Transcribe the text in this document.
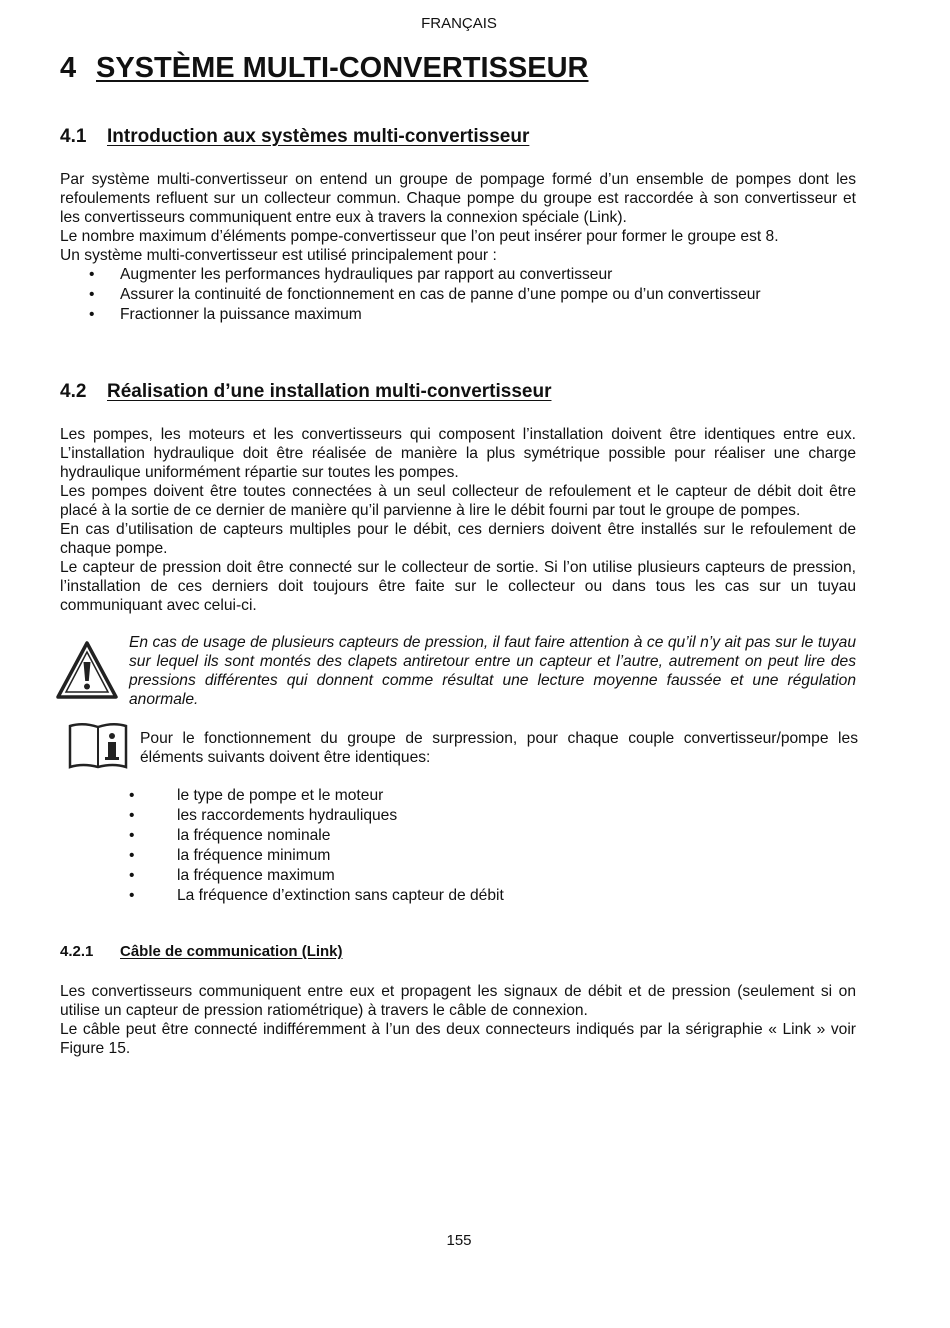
FRANÇAIS
4 SYSTÈME MULTI-CONVERTISSEUR
4.1 Introduction aux systèmes multi-convertisseur

Par système multi-convertisseur on entend un groupe de pompage formé d’un ensemble de pompes dont les refoulements refluent sur un collecteur commun. Chaque pompe du groupe est raccordée à son convertisseur et les convertisseurs communiquent entre eux à travers la connexion spéciale (Link).

Le nombre maximum d’éléments pompe-convertisseur que l’on peut insérer pour former le groupe est 8.

Un système multi-convertisseur est utilisé principalement pour :

• Augmenter les performances hydrauliques par rapport au convertisseur
• Assurer la continuité de fonctionnement en cas de panne d’une pompe ou d’un convertisseur
• Fractionner la puissance maximum
4.2 Réalisation d’une installation multi-convertisseur

Les pompes, les moteurs et les convertisseurs qui composent l’installation doivent être identiques entre eux. L’installation hydraulique doit être réalisée de manière la plus symétrique possible pour réaliser une charge hydraulique uniformément répartie sur toutes les pompes.

Les pompes doivent être toutes connectées à un seul collecteur de refoulement et le capteur de débit doit être placé à la sortie de ce dernier de manière qu’il parvienne à lire le débit fourni par tout le groupe de pompes.

En cas d’utilisation de capteurs multiples pour le débit, ces derniers doivent être installés sur le refoulement de chaque pompe.

Le capteur de pression doit être connecté sur le collecteur de sortie. Si l’on utilise plusieurs capteurs de pression, l’installation de ces derniers doit toujours être faite sur le collecteur ou dans tous les cas sur un tuyau communiquant avec celui-ci.

En cas de usage de plusieurs capteurs de pression, il faut faire attention à ce qu’il n’y ait pas sur le tuyau sur lequel ils sont montés des clapets antiretour entre un capteur et l’autre, autrement on peut lire des pressions différentes qui donnent comme résultat une lecture moyenne faussée et une régulation anormale.

Pour le fonctionnement du groupe de surpression, pour chaque couple convertisseur/pompe les éléments suivants doivent être identiques:

• le type de pompe et le moteur
• les raccordements hydrauliques
• la fréquence nominale
• la fréquence minimum
• la fréquence maximum
• La fréquence d’extinction sans capteur de débit
4.2.1 Câble de communication (Link)

Les convertisseurs communiquent entre eux et propagent les signaux de débit et de pression (seulement si on utilise un capteur de pression ratiométrique) à travers le câble de connexion.

Le câble peut être connecté indifféremment à l’un des deux connecteurs indiqués par la sérigraphie « Link » voir Figure 15.

155
